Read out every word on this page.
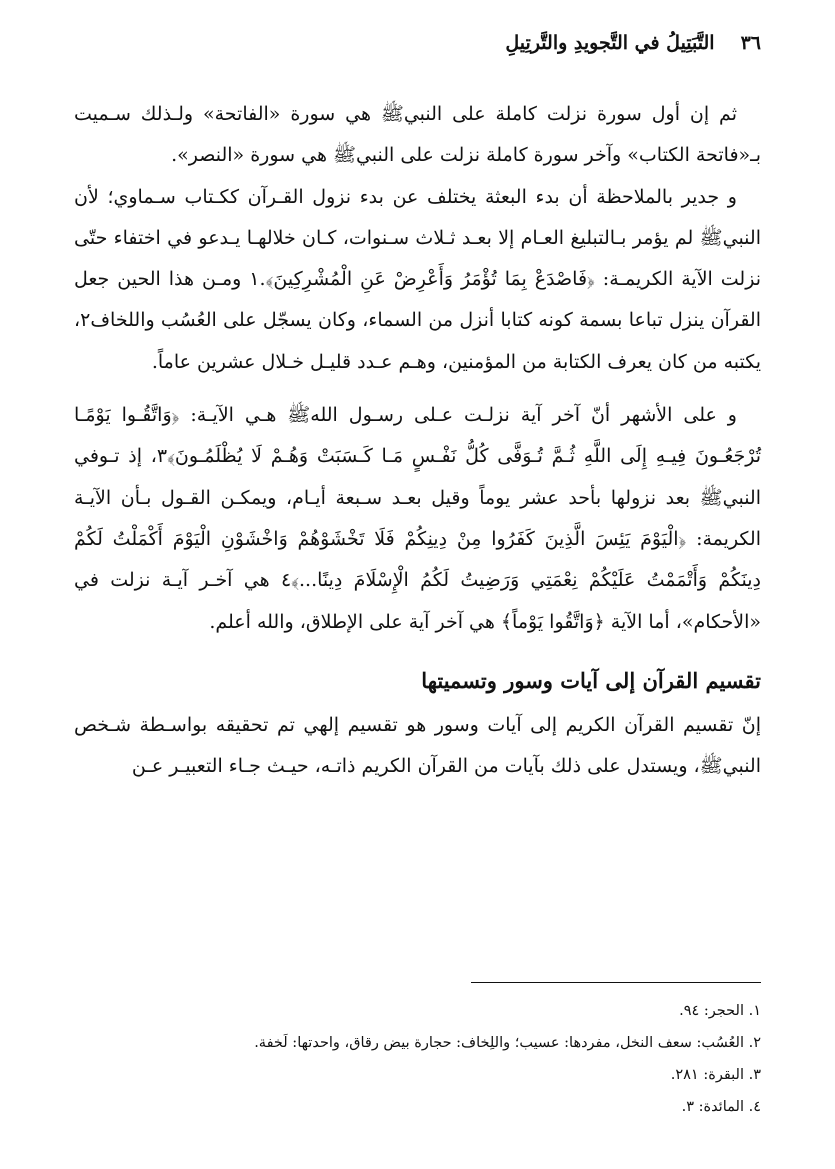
٣٦
التَّبَتِيلُ في التَّجويدِ والتَّرتِيلِ

ثم إن أول سورة نزلت كاملة على النبيﷺ هي سورة «الفاتحة» ولـذلك سـميت بـ«فاتحة الكتاب» وآخر سورة كاملة نزلت على النبيﷺ هي سورة «النصر».

و جدير بالملاحظة أن بدء البعثة يختلف عن بدء نزول القـرآن ككـتاب سـماوي؛ لأن النبيﷺ لم يؤمر بـالتبليغ العـام إلا بعـد ثـلاث سـنوات، كـان خلالهـا يـدعو في اختفاء حتّى نزلت الآية الكريمـة: ﴿فَاصْدَعْ بِمَا تُؤْمَرُ وَأَعْرِضْ عَنِ الْمُشْرِكِينَ﴾.١ ومـن هذا الحين جعل القرآن ينزل تباعا بسمة كونه كتابا أنزل من السماء، وكان يسجّل على العُسُب واللخاف٢، يكتبه من كان يعرف الكتابة من المؤمنين، وهـم عـدد قليـل خـلال عشرين عاماً.

و على الأشهر أنّ آخر آية نزلـت عـلى رسـول اللهﷺ هـي الآيـة: ﴿وَاتَّقُـوا يَوْمًـا تُرْجَعُـونَ فِيـهِ إِلَى اللَّهِ ثُـمَّ تُـوَفَّى كُلُّ نَفْـسٍ مَـا كَـسَبَتْ وَهُـمْ لَا يُظْلَمُـونَ﴾٣، إذ تـوفي النبيﷺ بعد نزولها بأحد عشر يوماً وقيل بعـد سـبعة أيـام، ويمكـن القـول بـأن الآيـة الكريمة: ﴿الْيَوْمَ يَئِسَ الَّذِينَ كَفَرُوا مِنْ دِينِكُمْ فَلَا تَخْشَوْهُمْ وَاخْشَوْنِ الْيَوْمَ أَكْمَلْتُ لَكُمْ دِينَكُمْ وَأَتْمَمْتُ عَلَيْكُمْ نِعْمَتِي وَرَضِيتُ لَكُمُ الْإِسْلَامَ دِينًا...﴾٤ هي آخـر آيـة نزلت في «الأحكام»، أما الآية ﴿وَاتَّقُوا يَوْماً﴾ هي آخر آية على الإطلاق، والله أعلم.

تقسيم القرآن إلى آيات وسور وتسميتها

إنّ تقسيم القرآن الكريم إلى آيات وسور هو تقسيم إلهي تم تحقيقه بواسـطة شـخص النبيﷺ، ويستدل على ذلك بآيات من القرآن الكريم ذاتـه، حيـث جـاء التعبيـر عـن

١. الحجر: ٩٤.

٢. العُسُب: سعف النخل، مفردها: عسيب؛ واللِخاف: حجارة بيض رقاق، واحدتها: لَخفة.

٣. البقرة: ٢٨١.

٤. المائدة: ٣.
